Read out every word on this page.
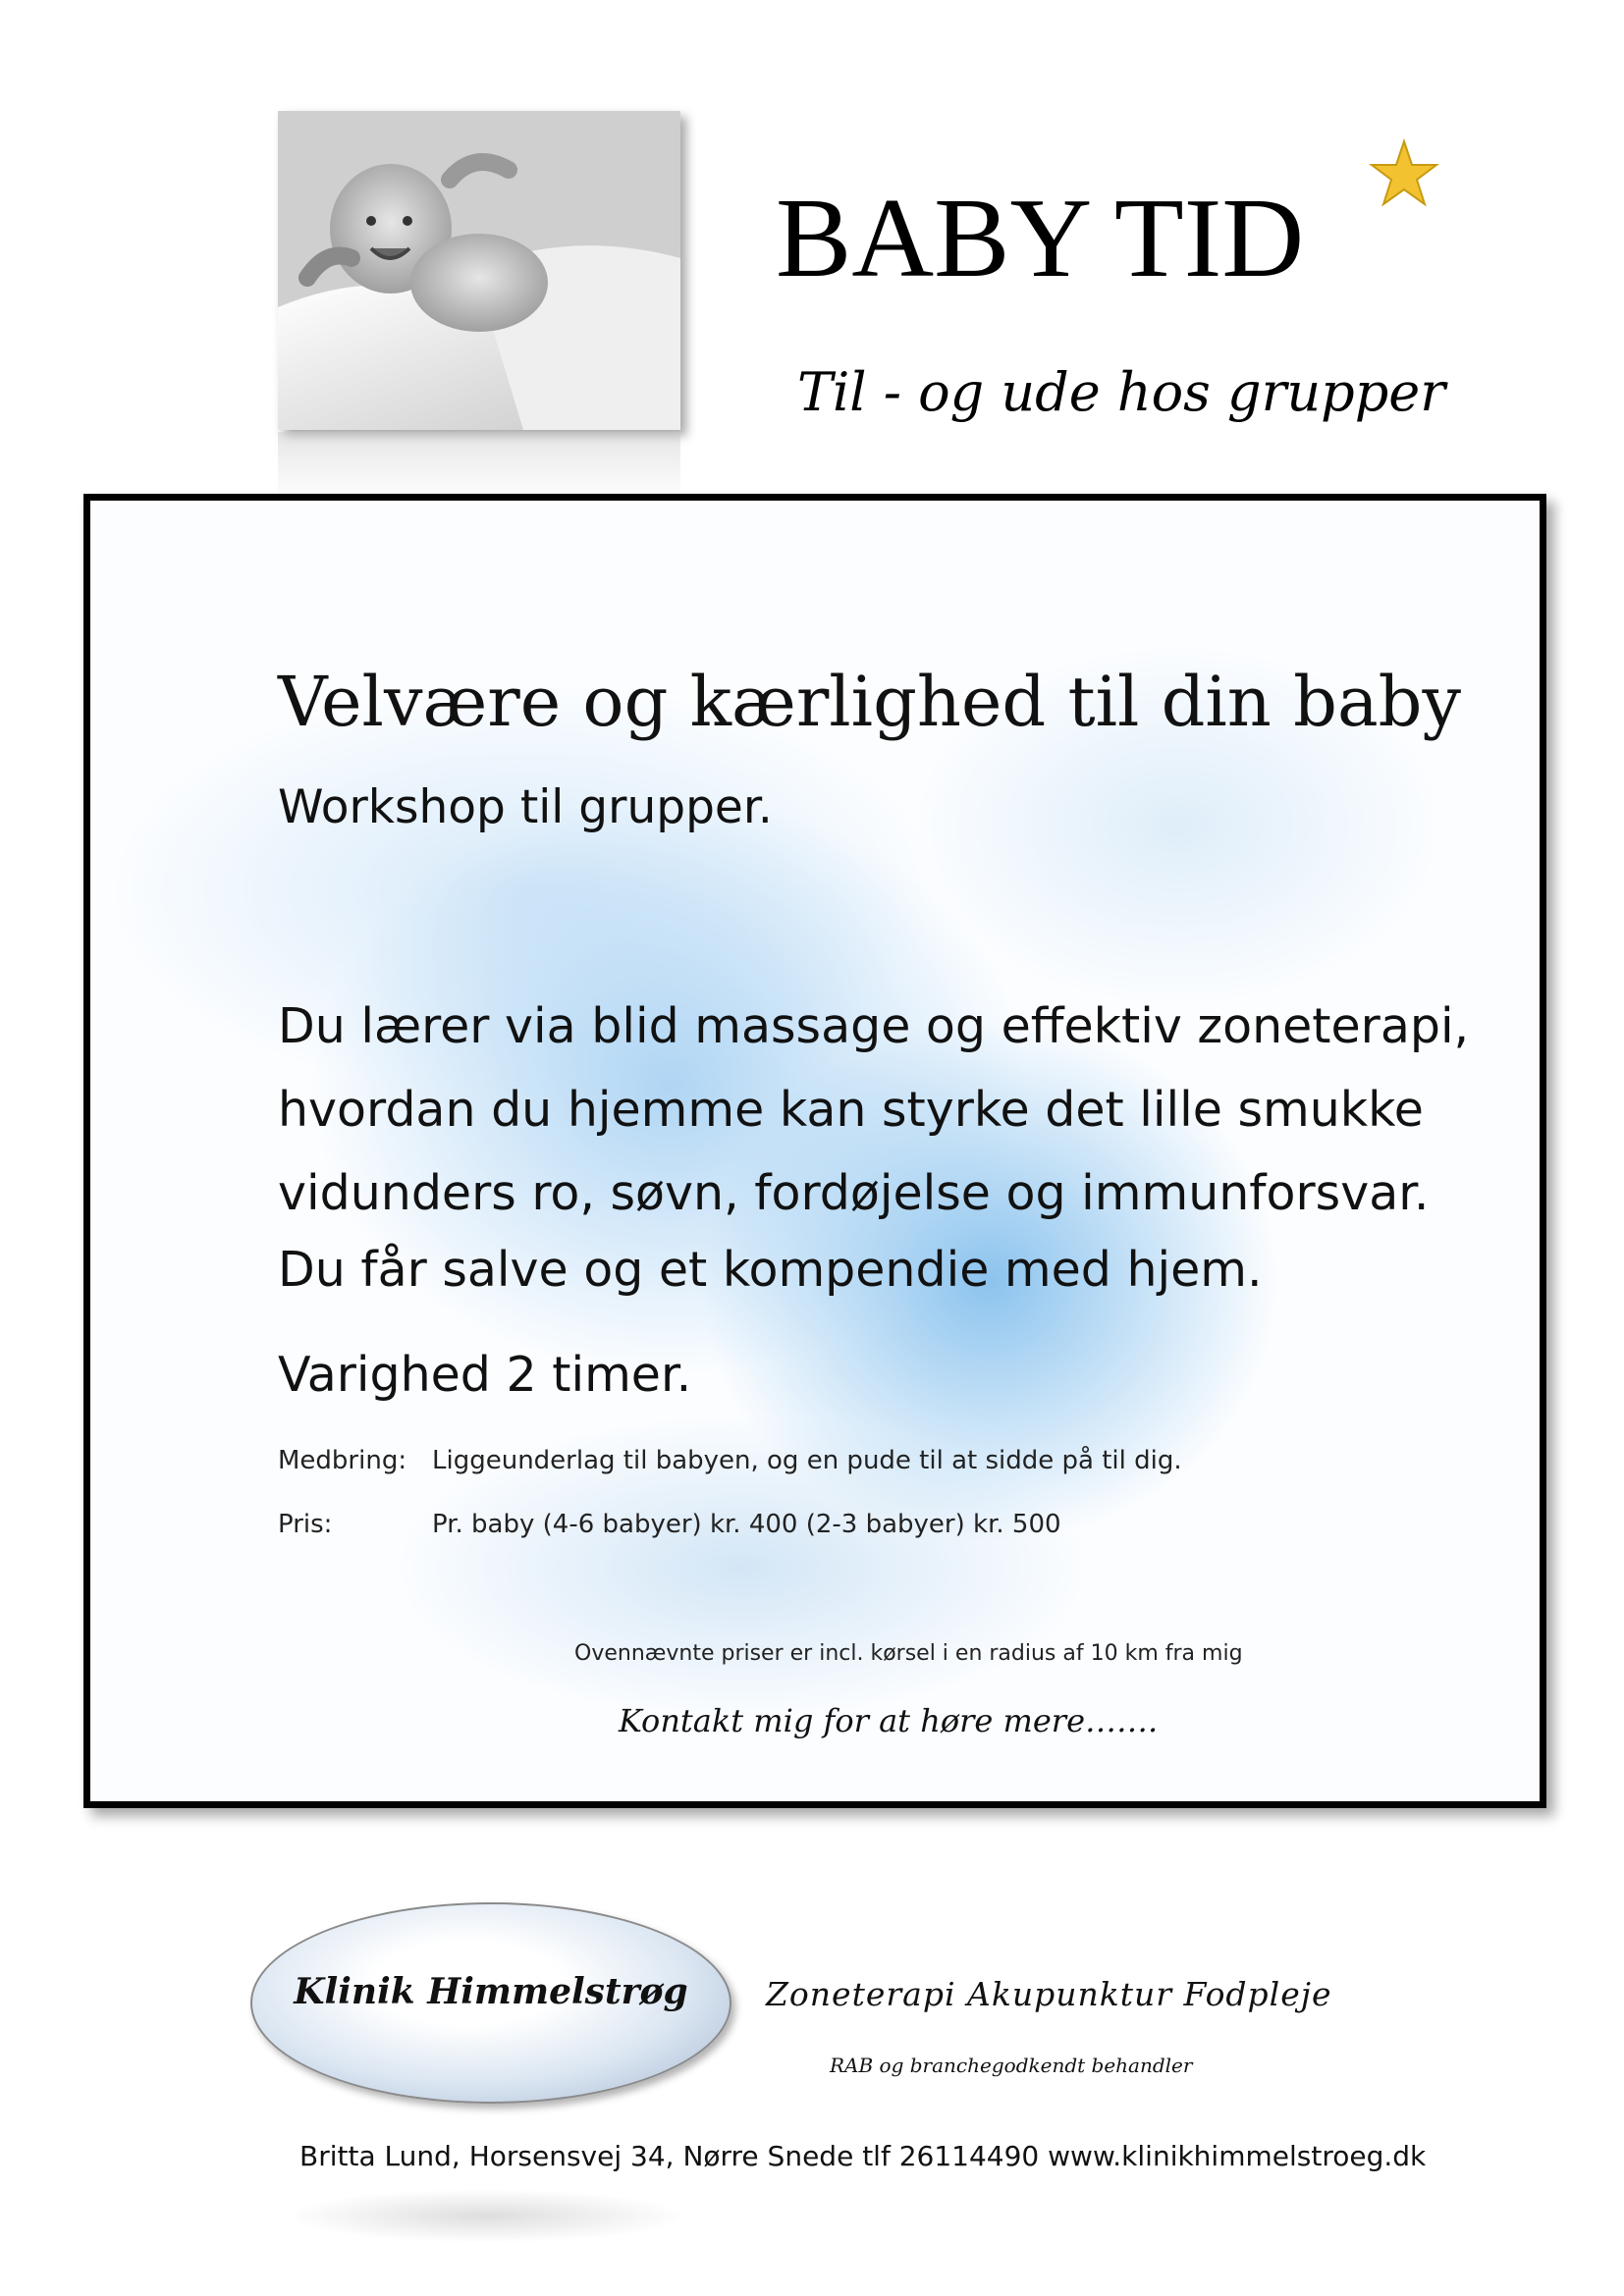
BABY TID
Til - og ude hos grupper
Velvære og kærlighed til din baby
Workshop til grupper.
Du lærer via blid massage og effektiv zoneterapi,
hvordan du hjemme kan styrke det lille smukke
vidunders ro, søvn, fordøjelse og immunforsvar.
Du får salve og et kompendie med hjem.
Varighed 2 timer.
Medbring: Liggeunderlag til babyen, og en pude til at sidde på til dig.
Pris:	Pr. baby (4-6 babyer) kr. 400 (2-3 babyer) kr. 500
Ovennævnte priser er incl. kørsel i en radius af 10 km fra mig
Kontakt mig for at høre mere…….
Klinik Himmelstrøg	Zoneterapi Akupunktur Fodpleje
RAB og branchegodkendt behandler
Britta Lund, Horsensvej 34, Nørre Snede tlf 26114490 www.klinikhimmelstroeg.dk
